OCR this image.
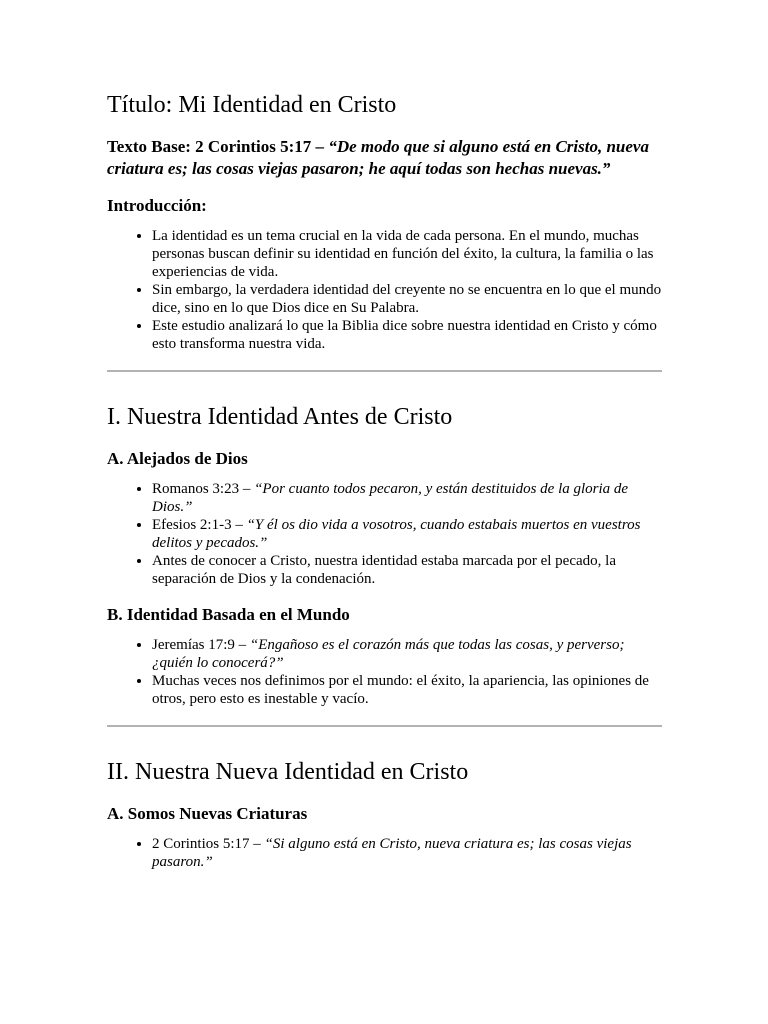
Título: Mi Identidad en Cristo

Texto Base: 2 Corintios 5:17 – “De modo que si alguno está en Cristo, nueva criatura es; las cosas viejas pasaron; he aquí todas son hechas nuevas.”

Introducción:
• La identidad es un tema crucial en la vida de cada persona. En el mundo, muchas personas buscan definir su identidad en función del éxito, la cultura, la familia o las experiencias de vida.
• Sin embargo, la verdadera identidad del creyente no se encuentra en lo que el mundo dice, sino en lo que Dios dice en Su Palabra.
• Este estudio analizará lo que la Biblia dice sobre nuestra identidad en Cristo y cómo esto transforma nuestra vida.
I. Nuestra Identidad Antes de Cristo
A. Alejados de Dios
• Romanos 3:23 – “Por cuanto todos pecaron, y están destituidos de la gloria de Dios.”
• Efesios 2:1-3 – “Y él os dio vida a vosotros, cuando estabais muertos en vuestros delitos y pecados.”
• Antes de conocer a Cristo, nuestra identidad estaba marcada por el pecado, la separación de Dios y la condenación.
B. Identidad Basada en el Mundo
• Jeremías 17:9 – “Engañoso es el corazón más que todas las cosas, y perverso; ¿quién lo conocerá?”
• Muchas veces nos definimos por el mundo: el éxito, la apariencia, las opiniones de otros, pero esto es inestable y vacío.
II. Nuestra Nueva Identidad en Cristo
A. Somos Nuevas Criaturas
• 2 Corintios 5:17 – “Si alguno está en Cristo, nueva criatura es; las cosas viejas pasaron.”
